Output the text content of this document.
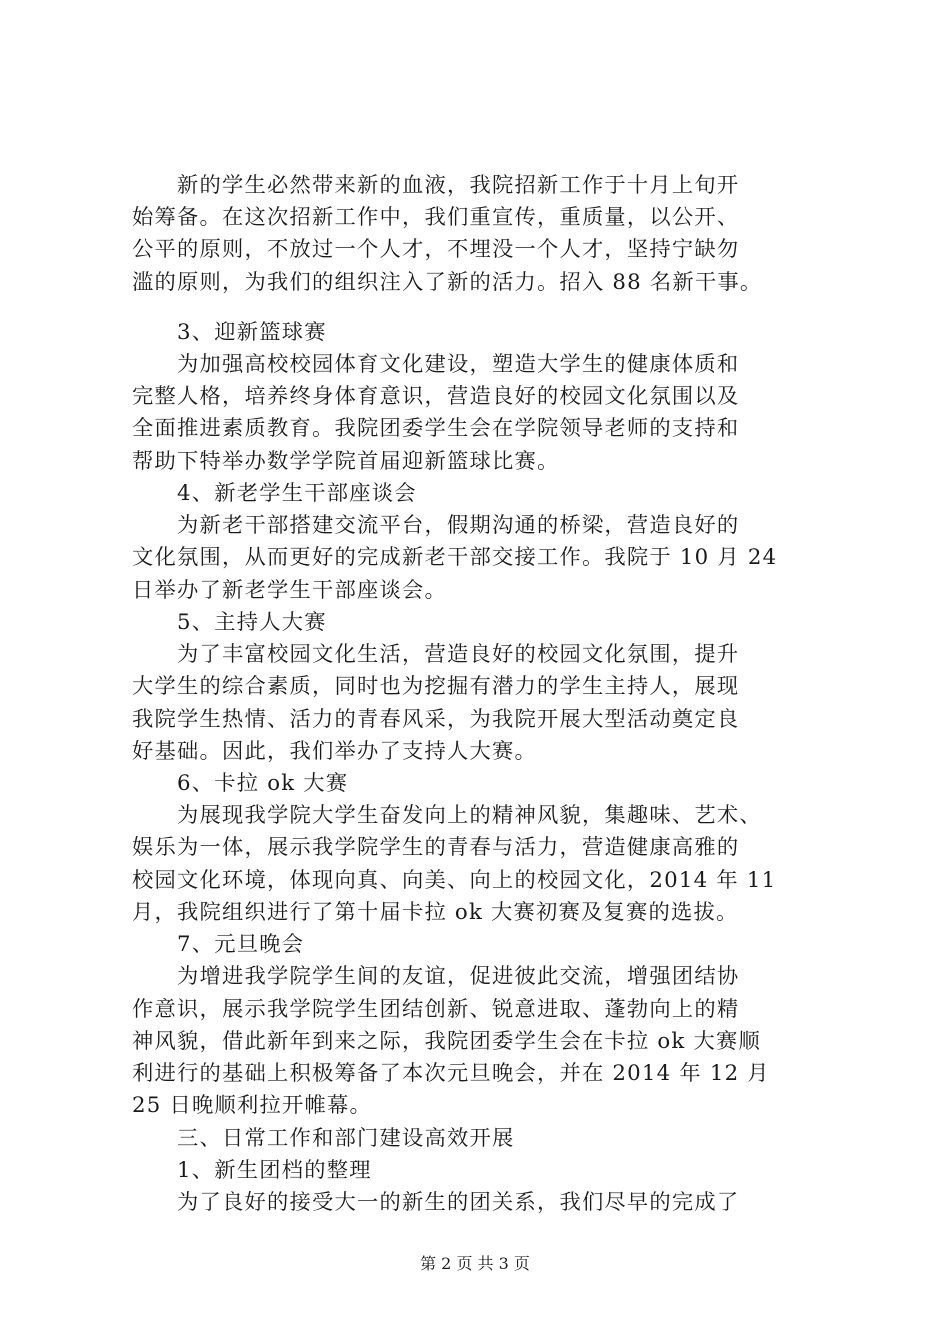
　　新的学生必然带来新的血液，我院招新工作于十月上旬开
始筹备。在这次招新工作中，我们重宣传，重质量，以公开、
公平的原则，不放过一个人才，不埋没一个人才，坚持宁缺勿
滥的原则，为我们的组织注入了新的活力。招入 88 名新干事。
　　3、迎新篮球赛
　　为加强高校校园体育文化建设，塑造大学生的健康体质和
完整人格，培养终身体育意识，营造良好的校园文化氛围以及
全面推进素质教育。我院团委学生会在学院领导老师的支持和
帮助下特举办数学学院首届迎新篮球比赛。
　　4、新老学生干部座谈会
　　为新老干部搭建交流平台，假期沟通的桥梁，营造良好的
文化氛围，从而更好的完成新老干部交接工作。我院于 10 月 24
日举办了新老学生干部座谈会。
　　5、主持人大赛
　　为了丰富校园文化生活，营造良好的校园文化氛围，提升
大学生的综合素质，同时也为挖掘有潜力的学生主持人，展现
我院学生热情、活力的青春风采，为我院开展大型活动奠定良
好基础。因此，我们举办了支持人大赛。
　　6、卡拉 ok 大赛
　　为展现我学院大学生奋发向上的精神风貌，集趣味、艺术、
娱乐为一体，展示我学院学生的青春与活力，营造健康高雅的
校园文化环境，体现向真、向美、向上的校园文化，2014 年 11
月，我院组织进行了第十届卡拉 ok 大赛初赛及复赛的选拔。
　　7、元旦晚会
　　为增进我学院学生间的友谊，促进彼此交流，增强团结协
作意识，展示我学院学生团结创新、锐意进取、蓬勃向上的精
神风貌，借此新年到来之际，我院团委学生会在卡拉 ok 大赛顺
利进行的基础上积极筹备了本次元旦晚会，并在 2014 年 12 月
25 日晚顺利拉开帷幕。
　　三、日常工作和部门建设高效开展
　　1、新生团档的整理
　　为了良好的接受大一的新生的团关系，我们尽早的完成了
第 2 页 共 3 页
